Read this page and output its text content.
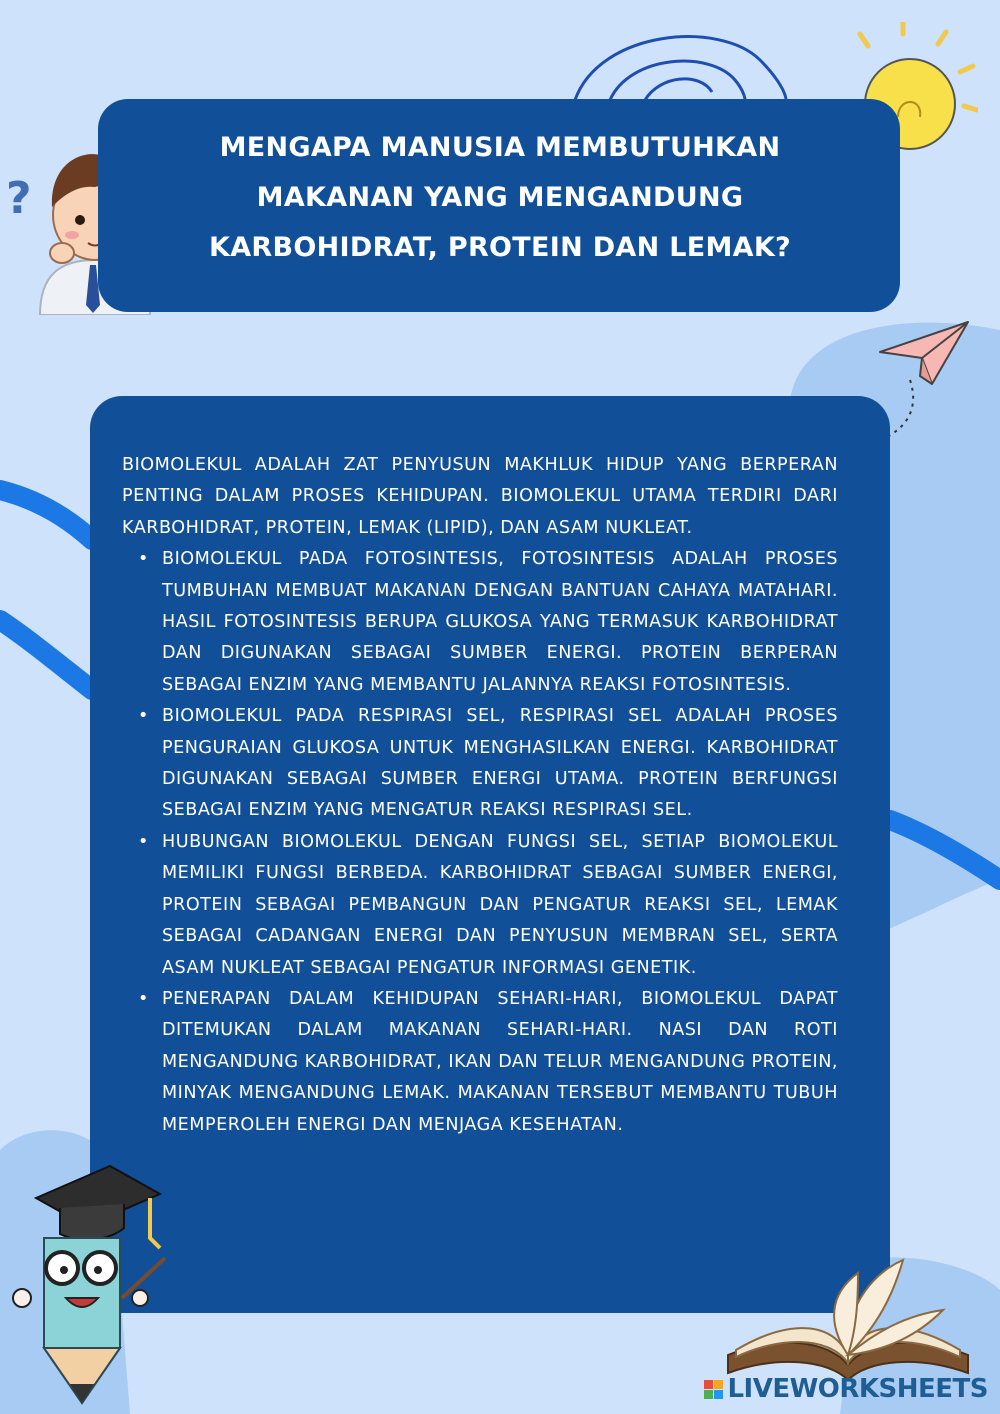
?
MENGAPA MANUSIA MEMBUTUHKAN
MAKANAN YANG MENGANDUNG
KARBOHIDRAT, PROTEIN DAN LEMAK?

BIOMOLEKUL ADALAH ZAT PENYUSUN MAKHLUK HIDUP YANG BERPERAN PENTING DALAM PROSES KEHIDUPAN. BIOMOLEKUL UTAMA TERDIRI DARI KARBOHIDRAT, PROTEIN, LEMAK (LIPID), DAN ASAM NUKLEAT.

• BIOMOLEKUL PADA FOTOSINTESIS, FOTOSINTESIS ADALAH PROSES TUMBUHAN MEMBUAT MAKANAN DENGAN BANTUAN CAHAYA MATAHARI. HASIL FOTOSINTESIS BERUPA GLUKOSA YANG TERMASUK KARBOHIDRAT DAN DIGUNAKAN SEBAGAI SUMBER ENERGI. PROTEIN BERPERAN SEBAGAI ENZIM YANG MEMBANTU JALANNYA REAKSI FOTOSINTESIS.
• BIOMOLEKUL PADA RESPIRASI SEL, RESPIRASI SEL ADALAH PROSES PENGURAIAN GLUKOSA UNTUK MENGHASILKAN ENERGI. KARBOHIDRAT DIGUNAKAN SEBAGAI SUMBER ENERGI UTAMA. PROTEIN BERFUNGSI SEBAGAI ENZIM YANG MENGATUR REAKSI RESPIRASI SEL.
• HUBUNGAN BIOMOLEKUL DENGAN FUNGSI SEL, SETIAP BIOMOLEKUL MEMILIKI FUNGSI BERBEDA. KARBOHIDRAT SEBAGAI SUMBER ENERGI, PROTEIN SEBAGAI PEMBANGUN DAN PENGATUR REAKSI SEL, LEMAK SEBAGAI CADANGAN ENERGI DAN PENYUSUN MEMBRAN SEL, SERTA ASAM NUKLEAT SEBAGAI PENGATUR INFORMASI GENETIK.
• PENERAPAN DALAM KEHIDUPAN SEHARI-HARI, BIOMOLEKUL DAPAT DITEMUKAN DALAM MAKANAN SEHARI-HARI. NASI DAN ROTI MENGANDUNG KARBOHIDRAT, IKAN DAN TELUR MENGANDUNG PROTEIN, MINYAK MENGANDUNG LEMAK. MAKANAN TERSEBUT MEMBANTU TUBUH MEMPEROLEH ENERGI DAN MENJAGA KESEHATAN.
LIVEWORKSHEETS
